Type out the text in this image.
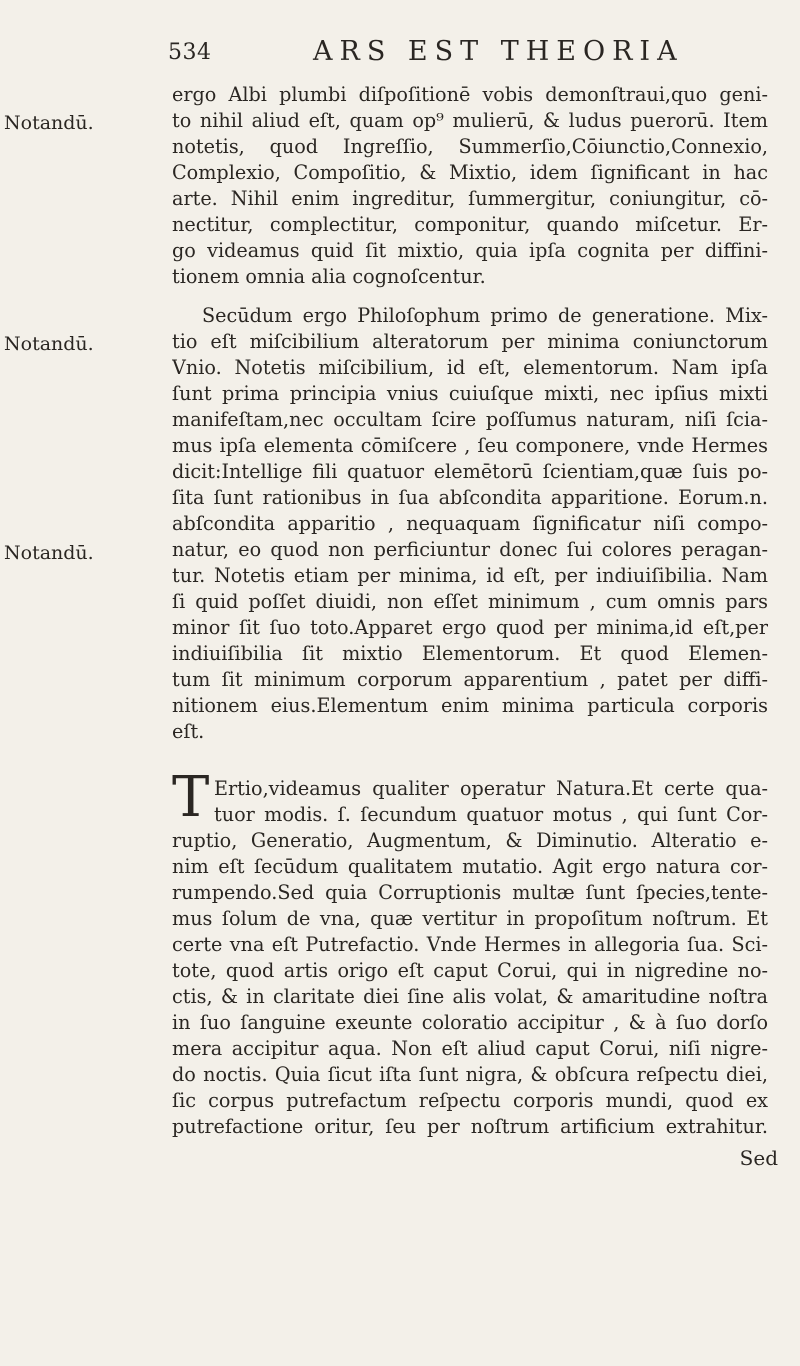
534	ARS EST THEORIA
Notandū.
Notandū.
Notandū.
ergo Albi plumbi diſpoſitionē vobis demonſtraui,quo geni-
to nihil aliud eſt, quam op⁹ mulierū, & ludus puerorū. Item
notetis, quod Ingreſſio, Summerſio,Cōiunctio,Connexio,
Complexio, Compoſitio, & Mixtio, idem ſignificant in hac
arte. Nihil enim ingreditur, ſummergitur, coniungitur, cō-
nectitur, complectitur, componitur, quando miſcetur. Er-
go videamus quid ſit mixtio, quia ipſa cognita per diffini-
tionem omnia alia cognoſcentur.
Secūdum ergo Philoſophum primo de generatione. Mix-
tio eſt miſcibilium alteratorum per minima coniunctorum
Vnio. Notetis miſcibilium, id eſt, elementorum. Nam ipſa
ſunt prima principia vnius cuiuſque mixti, nec ipſius mixti
manifeſtam,nec occultam ſcire poſſumus naturam, niſi ſcia-
mus ipſa elementa cōmiſcere , ſeu componere, vnde Hermes
dicit:Intellige fili quatuor elemētorū ſcientiam,quæ ſuis po-
ſita ſunt rationibus in ſua abſcondita apparitione. Eorum.n.
abſcondita apparitio , nequaquam ſignificatur niſi compo-
natur, eo quod non perficiuntur donec ſui colores peragan-
tur. Notetis etiam per minima, id eſt, per indiuiſibilia. Nam
ſi quid poſſet diuidi, non eſſet minimum , cum omnis pars
minor ſit ſuo toto.Apparet ergo quod per minima,id eſt,per
indiuiſibilia ſit mixtio Elementorum. Et quod Elemen-
tum ſit minimum corporum apparentium , patet per diffi-
nitionem eius.Elementum enim minima particula corporis
eſt.
T Ertio,videamus qualiter operatur Natura.Et certe qua-
tuor modis. ſ. ſecundum quatuor motus , qui ſunt Cor-
ruptio, Generatio, Augmentum, & Diminutio. Alteratio e-
nim eſt ſecūdum qualitatem mutatio. Agit ergo natura cor-
rumpendo.Sed quia Corruptionis multæ ſunt ſpecies,tente-
mus ſolum de vna, quæ vertitur in propoſitum noſtrum. Et
certe vna eſt Putrefactio. Vnde Hermes in allegoria ſua. Sci-
tote, quod artis origo eſt caput Corui, qui in nigredine no-
ctis, & in claritate diei ſine alis volat, & amaritudine noſtra
in ſuo ſanguine exeunte coloratio accipitur , & à ſuo dorſo
mera accipitur aqua. Non eſt aliud caput Corui, niſi nigre-
do noctis. Quia ſicut iſta ſunt nigra, & obſcura reſpectu diei,
ſic corpus putrefactum reſpectu corporis mundi, quod ex
putrefactione oritur, ſeu per noſtrum artificium extrahitur.
Sed
